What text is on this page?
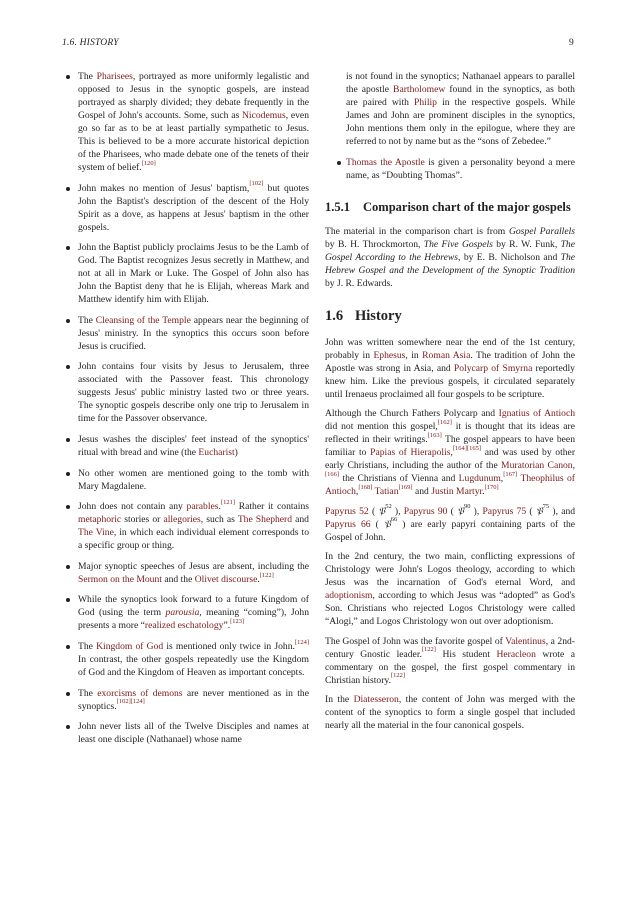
1.6. HISTORY	9
The Pharisees, portrayed as more uniformly legalistic and opposed to Jesus in the synoptic gospels, are instead portrayed as sharply divided; they debate frequently in the Gospel of John's accounts. Some, such as Nicodemus, even go so far as to be at least partially sympathetic to Jesus. This is believed to be a more accurate historical depiction of the Pharisees, who made debate one of the tenets of their system of belief.[120]
John makes no mention of Jesus' baptism,[102] but quotes John the Baptist's description of the descent of the Holy Spirit as a dove, as happens at Jesus' baptism in the other gospels.
John the Baptist publicly proclaims Jesus to be the Lamb of God. The Baptist recognizes Jesus secretly in Matthew, and not at all in Mark or Luke. The Gospel of John also has John the Baptist deny that he is Elijah, whereas Mark and Matthew identify him with Elijah.
The Cleansing of the Temple appears near the beginning of Jesus' ministry. In the synoptics this occurs soon before Jesus is crucified.
John contains four visits by Jesus to Jerusalem, three associated with the Passover feast. This chronology suggests Jesus' public ministry lasted two or three years. The synoptic gospels describe only one trip to Jerusalem in time for the Passover observance.
Jesus washes the disciples' feet instead of the synoptics' ritual with bread and wine (the Eucharist)
No other women are mentioned going to the tomb with Mary Magdalene.
John does not contain any parables.[121] Rather it contains metaphoric stories or allegories, such as The Shepherd and The Vine, in which each individual element corresponds to a specific group or thing.
Major synoptic speeches of Jesus are absent, including the Sermon on the Mount and the Olivet discourse.[122]
While the synoptics look forward to a future Kingdom of God (using the term parousia, meaning “coming”), John presents a more “realized eschatology”.[123]
The Kingdom of God is mentioned only twice in John.[124] In contrast, the other gospels repeatedly use the Kingdom of God and the Kingdom of Heaven as important concepts.
The exorcisms of demons are never mentioned as in the synoptics.[102][124]
John never lists all of the Twelve Disciples and names at least one disciple (Nathanael) whose name
is not found in the synoptics; Nathanael appears to parallel the apostle Bartholomew found in the synoptics, as both are paired with Philip in the respective gospels. While James and John are prominent disciples in the synoptics, John mentions them only in the epilogue, where they are referred to not by name but as the “sons of Zebedee.”
Thomas the Apostle is given a personality beyond a mere name, as “Doubting Thomas”.
1.5.1	Comparison chart of the major gospels

The material in the comparison chart is from Gospel Parallels by B. H. Throckmorton, The Five Gospels by R. W. Funk, The Gospel According to the Hebrews, by E. B. Nicholson and The Hebrew Gospel and the Development of the Synoptic Tradition by J. R. Edwards.

1.6 History

John was written somewhere near the end of the 1st century, probably in Ephesus, in Roman Asia. The tradition of John the Apostle was strong in Asia, and Polycarp of Smyrna reportedly knew him. Like the previous gospels, it circulated separately until Irenaeus proclaimed all four gospels to be scripture.

Although the Church Fathers Polycarp and Ignatius of Antioch did not mention this gospel,[162] it is thought that its ideas are reflected in their writings.[163] The gospel appears to have been familiar to Papias of Hierapolis,[164][165] and was used by other early Christians, including the author of the Muratorian Canon,[166] the Christians of Vienna and Lugdunum,[167] Theophilus of Antioch,[168] Tatian[169] and Justin Martyr.[170]

Papyrus 52 ( 𝔓$^{52}$ ), Papyrus 90 ( 𝔓$^{90}$ ), Papyrus 75 ( 𝔓$^{75}$ ), and Papyrus 66 ( 𝔓$^{66}$ ) are early papyri containing parts of the Gospel of John.

In the 2nd century, the two main, conflicting expressions of Christology were John's Logos theology, according to which Jesus was the incarnation of God's eternal Word, and adoptionism, according to which Jesus was “adopted” as God's Son. Christians who rejected Logos Christology were called “Alogi,” and Logos Christology won out over adoptionism.

The Gospel of John was the favorite gospel of Valentinus, a 2nd-century Gnostic leader.[122] His student Heracleon wrote a commentary on the gospel, the first gospel commentary in Christian history.[122]

In the Diatesseron, the content of John was merged with the content of the synoptics to form a single gospel that included nearly all the material in the four canonical gospels.
